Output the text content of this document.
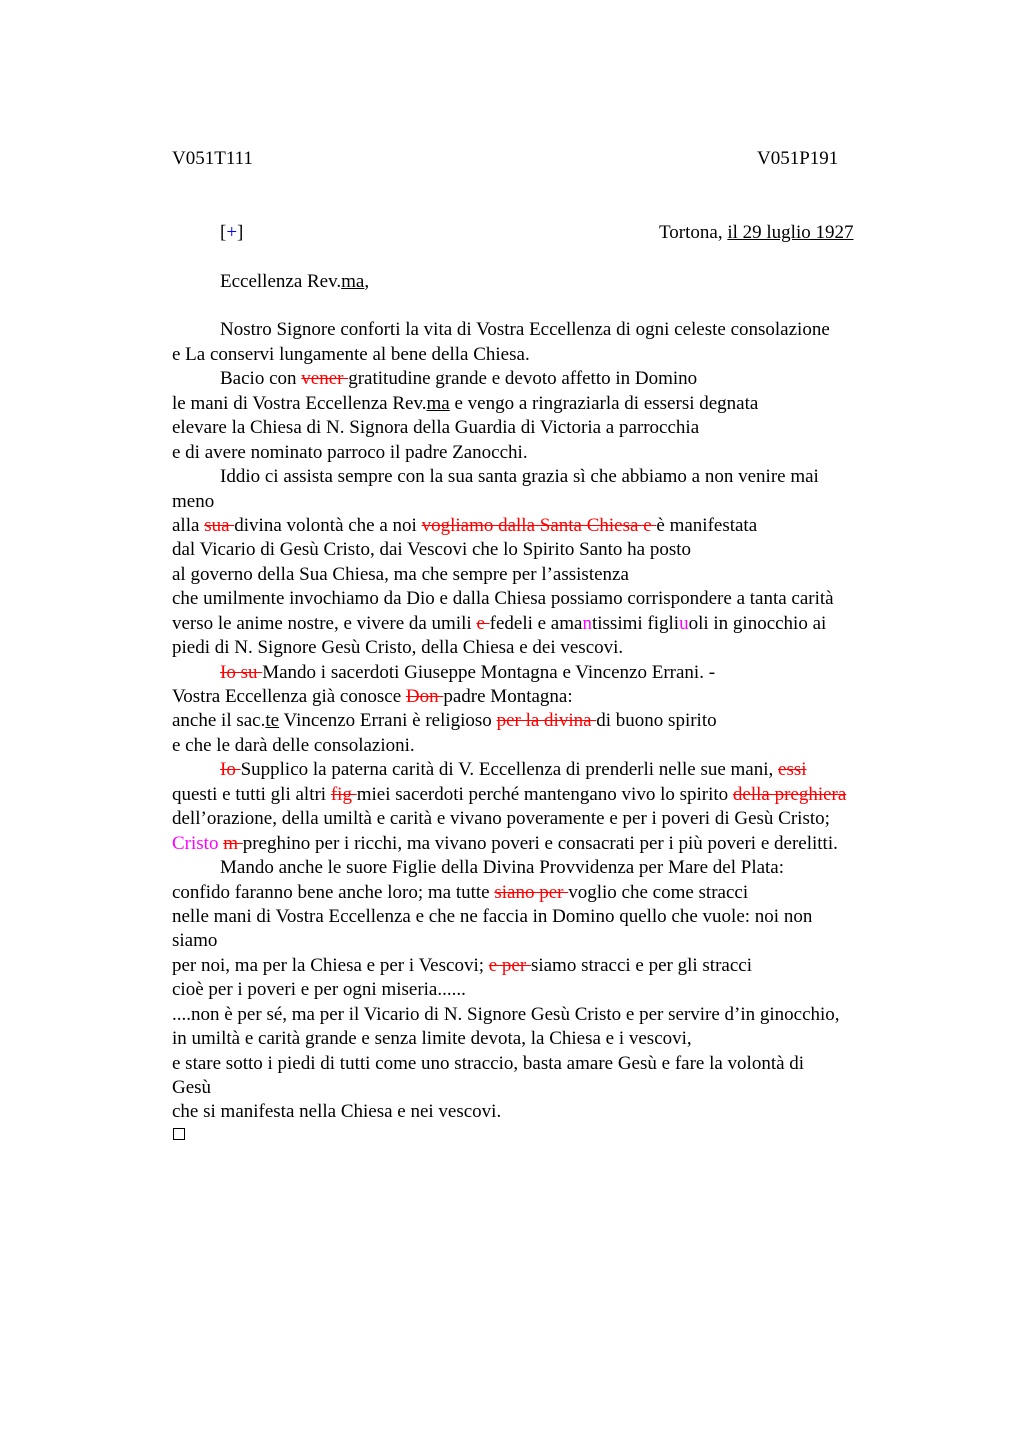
V051T111	V051P191
[+]	Tortona, il 29 luglio 1927
Eccellenza Rev.ma,
Nostro Signore conforti la vita di Vostra Eccellenza di ogni celeste consolazione
e La conservi lungamente al bene della Chiesa.
Bacio con vener gratitudine grande e devoto affetto in Domino
le mani di Vostra Eccellenza Rev.ma e vengo a ringraziarla di essersi degnata
elevare la Chiesa di N. Signora della Guardia di Victoria a parrocchia
e di avere nominato parroco il padre Zanocchi.
Iddio ci assista sempre con la sua santa grazia sì che abbiamo a non venire mai
meno
alla sua divina volontà che a noi vogliamo dalla Santa Chiesa e è manifestata
dal Vicario di Gesù Cristo, dai Vescovi che lo Spirito Santo ha posto
al governo della Sua Chiesa, ma che sempre per l’assistenza
che umilmente invochiamo da Dio e dalla Chiesa possiamo corrispondere a tanta carità
verso le anime nostre, e vivere da umili e fedeli e amantissimi figliuoli in ginocchio ai
piedi di N. Signore Gesù Cristo, della Chiesa e dei vescovi.
Io su Mando i sacerdoti Giuseppe Montagna e Vincenzo Errani. -
Vostra Eccellenza già conosce Don padre Montagna:
anche il sac.te Vincenzo Errani è religioso per la divina di buono spirito
e che le darà delle consolazioni.
Io Supplico la paterna carità di V. Eccellenza di prenderli nelle sue mani, essi
questi e tutti gli altri fig miei sacerdoti perché mantengano vivo lo spirito della preghiera
dell’orazione, della umiltà e carità e vivano poveramente e per i poveri di Gesù Cristo;
Cristo m preghino per i ricchi, ma vivano poveri e consacrati per i più poveri e derelitti.
Mando anche le suore Figlie della Divina Provvidenza per Mare del Plata:
confido faranno bene anche loro; ma tutte siano per voglio che come stracci
nelle mani di Vostra Eccellenza e che ne faccia in Domino quello che vuole: noi non
siamo
per noi, ma per la Chiesa e per i Vescovi; e per siamo stracci e per gli stracci
cioè per i poveri e per ogni miseria......
....non è per sé, ma per il Vicario di N. Signore Gesù Cristo e per servire d’in ginocchio,
in umiltà e carità grande e senza limite devota, la Chiesa e i vescovi,
e stare sotto i piedi di tutti come uno straccio, basta amare Gesù e fare la volontà di
Gesù
che si manifesta nella Chiesa e nei vescovi.
